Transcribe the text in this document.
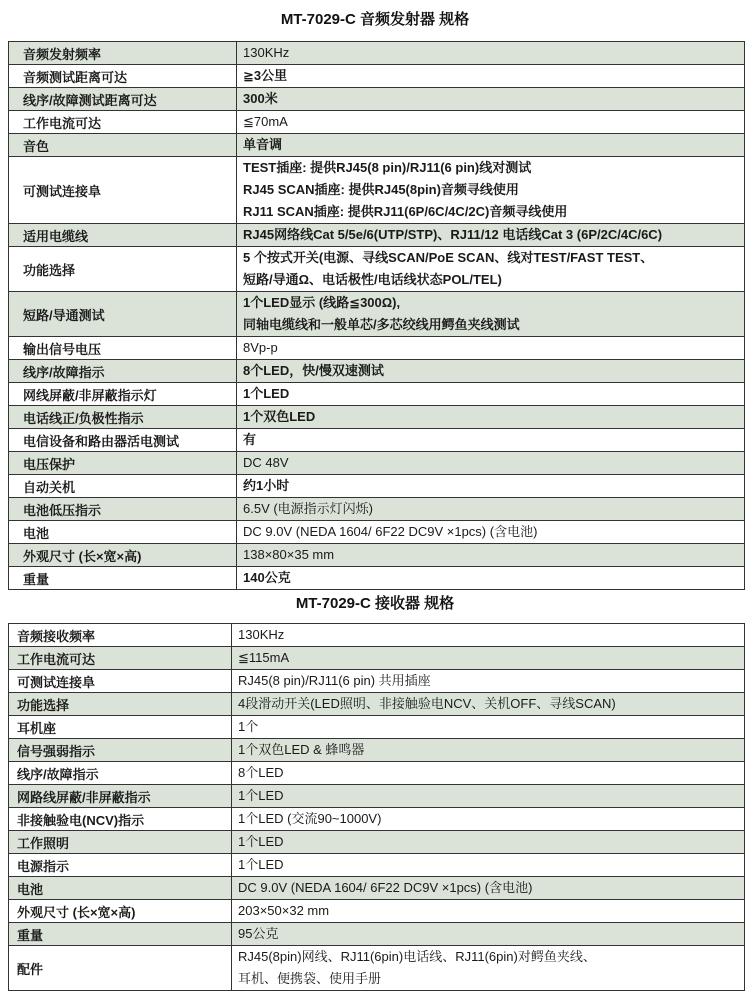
MT-7029-C 音频发射器 规格
音频发射频率	130KHz

音频测试距离可达	≧3公里

线序/故障测试距离可达	300米

工作电流可达	≦70mA

音色	单音调

可测试连接阜	TEST插座: 提供RJ45(8 pin)/RJ11(6 pin)线对测试
RJ45 SCAN插座: 提供RJ45(8pin)音频寻线使用
RJ11 SCAN插座: 提供RJ11(6P/6C/4C/2C)音频寻线使用

适用电缆线	RJ45网络线Cat 5/5e/6(UTP/STP)、RJ11/12 电话线Cat 3 (6P/2C/4C/6C)

功能选择	5 个按式开关(电源、寻线SCAN/PoE SCAN、线对TEST/FAST TEST、
短路/导通Ω、电话极性/电话线状态POL/TEL)

短路/导通测试	1个LED显示 (线路≦300Ω),
同轴电缆线和一般单芯/多芯绞线用鳄鱼夹线测试

输出信号电压	8Vp-p

线序/故障指示	8个LED，快/慢双速测试

网线屏蔽/非屏蔽指示灯	1个LED

电话线正/负极性指示	1个双色LED

电信设备和路由器活电测试	有

电压保护	DC 48V

自动关机	约1小时

电池低压指示	6.5V (电源指示灯闪烁)

电池	DC 9.0V (NEDA 1604/ 6F22 DC9V ×1pcs) (含电池)

外观尺寸 (长×宽×高)	138×80×35 mm

重量	140公克
MT-7029-C 接收器 规格
音频接收频率	130KHz

工作电流可达	≦115mA

可测试连接阜	RJ45(8 pin)/RJ11(6 pin) 共用插座

功能选择	4段滑动开关(LED照明、非接触验电NCV、关机OFF、寻线SCAN)

耳机座	1个

信号强弱指示	1个双色LED & 蜂鸣器

线序/故障指示	8个LED

网路线屏蔽/非屏蔽指示	1个LED

非接触验电(NCV)指示	1个LED (交流90~1000V)

工作照明	1个LED

电源指示	1个LED

电池	DC 9.0V (NEDA 1604/ 6F22 DC9V ×1pcs) (含电池)

外观尺寸 (长×宽×高)	203×50×32 mm

重量	95公克

配件	RJ45(8pin)网线、RJ11(6pin)电话线、RJ11(6pin)对鳄鱼夹线、
耳机、便携袋、使用手册
